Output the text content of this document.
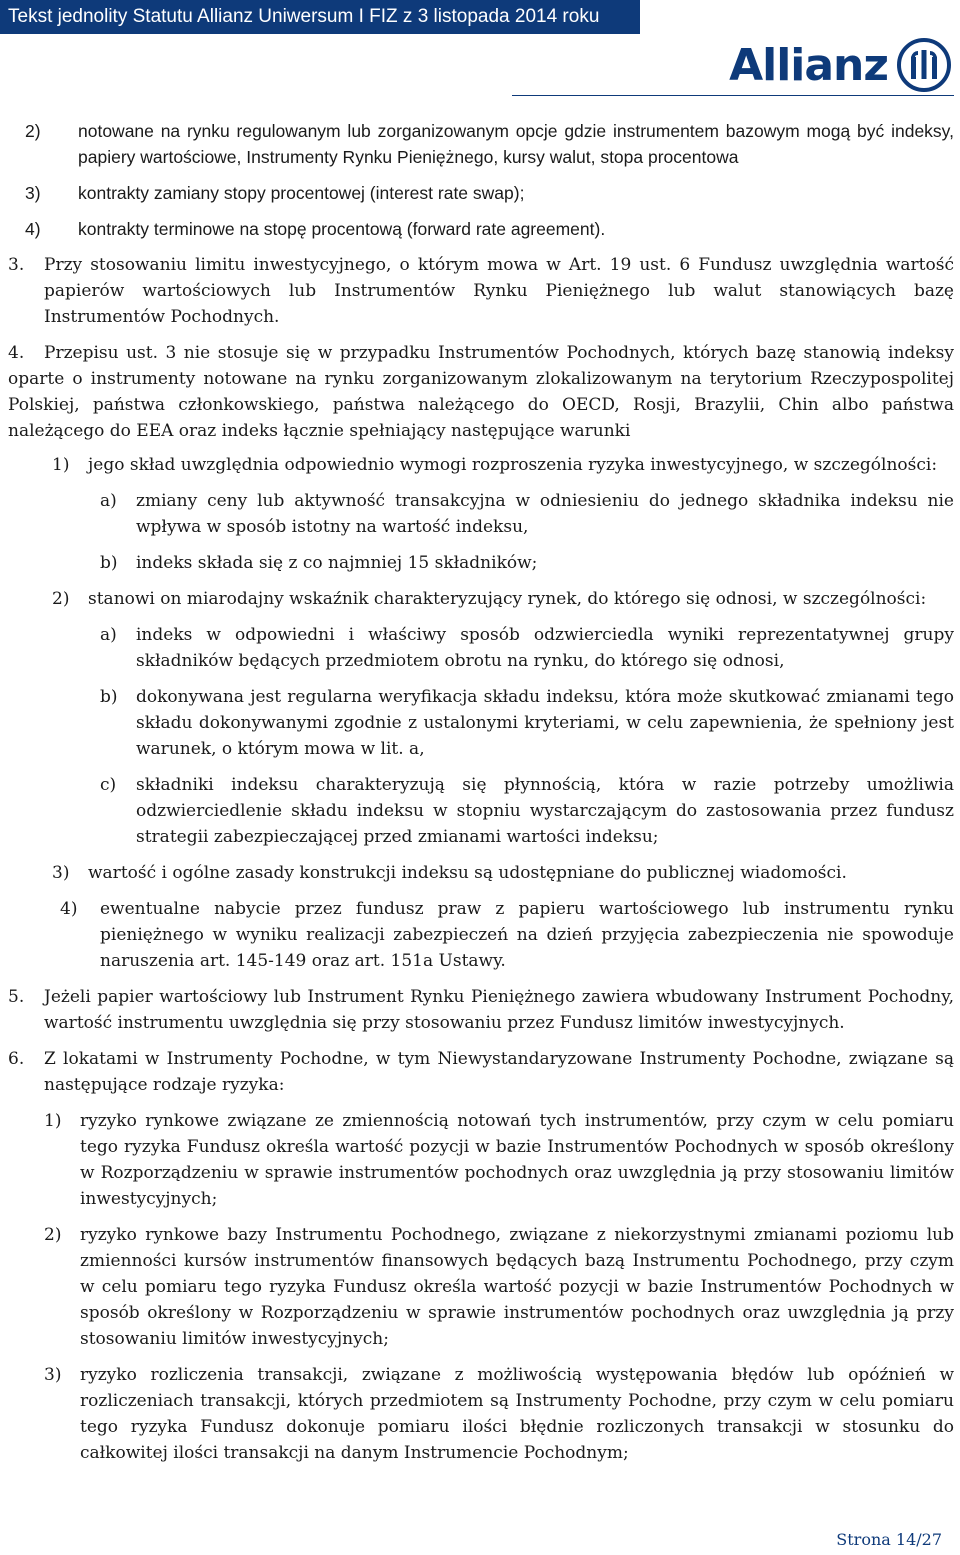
Tekst jednolity Statutu Allianz Uniwersum I FIZ z 3 listopada 2014 roku
Allianz
2) notowane na rynku regulowanym lub zorganizowanym opcje gdzie instrumentem bazowym mogą być indeksy, papiery wartościowe, Instrumenty Rynku Pieniężnego, kursy walut, stopa procentowa
3) kontrakty zamiany stopy procentowej (interest rate swap);
4) kontrakty terminowe na stopę procentową (forward rate agreement).
3. Przy stosowaniu limitu inwestycyjnego, o którym mowa w Art. 19 ust. 6 Fundusz uwzględnia wartość papierów wartościowych lub Instrumentów Rynku Pieniężnego lub walut stanowiących bazę Instrumentów Pochodnych.
4.	Przepisu ust. 3 nie stosuje się w przypadku Instrumentów Pochodnych, których bazę stanowią indeksy oparte o instrumenty notowane na rynku zorganizowanym zlokalizowanym na terytorium Rzeczypospolitej Polskiej, państwa członkowskiego, państwa należącego do OECD, Rosji, Brazylii, Chin albo państwa należącego do EEA oraz indeks łącznie spełniający następujące warunki
1) jego skład uwzględnia odpowiednio wymogi rozproszenia ryzyka inwestycyjnego, w szczególności:
a) zmiany ceny lub aktywność transakcyjna w odniesieniu do jednego składnika indeksu nie wpływa w sposób istotny na wartość indeksu,
b) indeks składa się z co najmniej 15 składników;
2) stanowi on miarodajny wskaźnik charakteryzujący rynek, do którego się odnosi, w szczególności:
a) indeks w odpowiedni i właściwy sposób odzwierciedla wyniki reprezentatywnej grupy składników będących przedmiotem obrotu na rynku, do którego się odnosi,
b) dokonywana jest regularna weryfikacja składu indeksu, która może skutkować zmianami tego składu dokonywanymi zgodnie z ustalonymi kryteriami, w celu zapewnienia, że spełniony jest warunek, o którym mowa w lit. a,
c) składniki indeksu charakteryzują się płynnością, która w razie potrzeby umożliwia odzwierciedlenie składu indeksu w stopniu wystarczającym do zastosowania przez fundusz strategii zabezpieczającej przed zmianami wartości indeksu;
3) wartość i ogólne zasady konstrukcji indeksu są udostępniane do publicznej wiadomości.
4) ewentualne nabycie przez fundusz praw z papieru wartościowego lub instrumentu rynku pieniężnego w wyniku realizacji zabezpieczeń na dzień przyjęcia zabezpieczenia nie spowoduje naruszenia art. 145-149 oraz art. 151a Ustawy.
5. Jeżeli papier wartościowy lub Instrument Rynku Pieniężnego zawiera wbudowany Instrument Pochodny, wartość instrumentu uwzględnia się przy stosowaniu przez Fundusz limitów inwestycyjnych.
6. Z lokatami w Instrumenty Pochodne, w tym Niewystandaryzowane Instrumenty Pochodne, związane są następujące rodzaje ryzyka:
1) ryzyko rynkowe związane ze zmiennością notowań tych instrumentów, przy czym w celu pomiaru tego ryzyka Fundusz określa wartość pozycji w bazie Instrumentów Pochodnych w sposób określony w Rozporządzeniu w sprawie instrumentów pochodnych oraz uwzględnia ją przy stosowaniu limitów inwestycyjnych;
2) ryzyko rynkowe bazy Instrumentu Pochodnego, związane z niekorzystnymi zmianami poziomu lub zmienności kursów instrumentów finansowych będących bazą Instrumentu Pochodnego, przy czym w celu pomiaru tego ryzyka Fundusz określa wartość pozycji w bazie Instrumentów Pochodnych w sposób określony w Rozporządzeniu w sprawie instrumentów pochodnych oraz uwzględnia ją przy stosowaniu limitów inwestycyjnych;
3) ryzyko rozliczenia transakcji, związane z możliwością występowania błędów lub opóźnień w rozliczeniach transakcji, których przedmiotem są Instrumenty Pochodne, przy czym w celu pomiaru tego ryzyka Fundusz dokonuje pomiaru ilości błędnie rozliczonych transakcji w stosunku do całkowitej ilości transakcji na danym Instrumencie Pochodnym;
Strona 14/27
